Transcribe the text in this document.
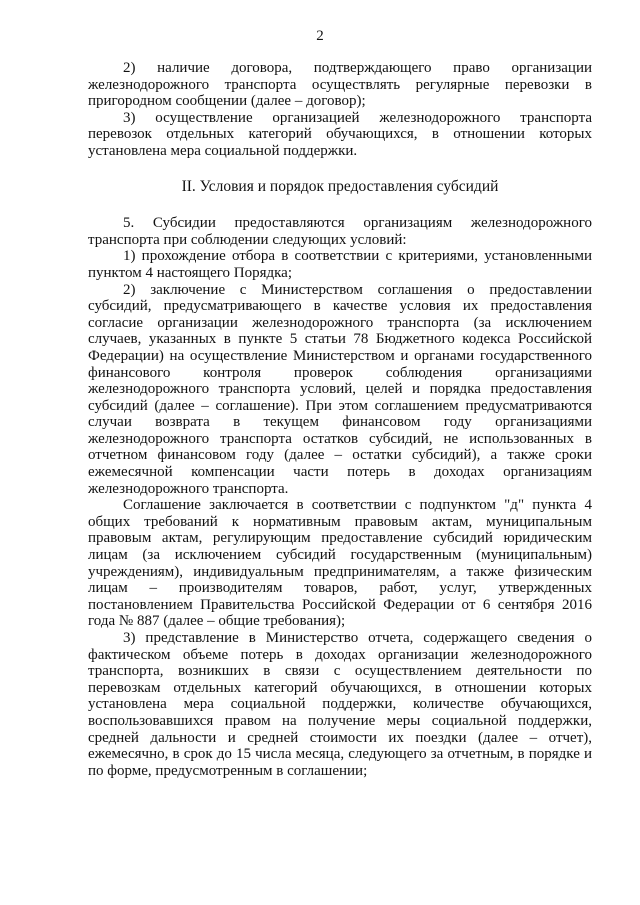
2

2) наличие договора, подтверждающего право организации железнодорожного транспорта осуществлять регулярные перевозки в пригородном сообщении (далее – договор);

3) осуществление организацией железнодорожного транспорта перевозок отдельных категорий обучающихся, в отношении которых установлена мера социальной поддержки.

II. Условия и порядок предоставления субсидий

5. Субсидии предоставляются организациям железнодорожного транспорта при соблюдении следующих условий:

1) прохождение отбора в соответствии с критериями, установленными пунктом 4 настоящего Порядка;

2) заключение с Министерством соглашения о предоставлении субсидий, предусматривающего в качестве условия их предоставления согласие организации железнодорожного транспорта (за исключением случаев, указанных в пункте 5 статьи 78 Бюджетного кодекса Российской Федерации) на осуществление Министерством и органами государственного финансового контроля проверок соблюдения организациями железнодорожного транспорта условий, целей и порядка предоставления субсидий (далее – соглашение). При этом соглашением предусматриваются случаи возврата в текущем финансовом году организациями железнодорожного транспорта остатков субсидий, не использованных в отчетном финансовом году (далее – остатки субсидий), а также сроки ежемесячной компенсации части потерь в доходах организациям железнодорожного транспорта.

Соглашение заключается в соответствии с подпунктом "д" пункта 4 общих требований к нормативным правовым актам, муниципальным правовым актам, регулирующим предоставление субсидий юридическим лицам (за исключением субсидий государственным (муниципальным) учреждениям), индивидуальным предпринимателям, а также физическим лицам – производителям товаров, работ, услуг, утвержденных постановлением Правительства Российской Федерации от 6 сентября 2016 года № 887 (далее – общие требования);

3) представление в Министерство отчета, содержащего сведения о фактическом объеме потерь в доходах организации железнодорожного транспорта, возникших в связи с осуществлением деятельности по перевозкам отдельных категорий обучающихся, в отношении которых установлена мера социальной поддержки, количестве обучающихся, воспользовавшихся правом на получение меры социальной поддержки, средней дальности и средней стоимости их поездки (далее – отчет), ежемесячно, в срок до 15 числа месяца, следующего за отчетным, в порядке и по форме, предусмотренным в соглашении;
